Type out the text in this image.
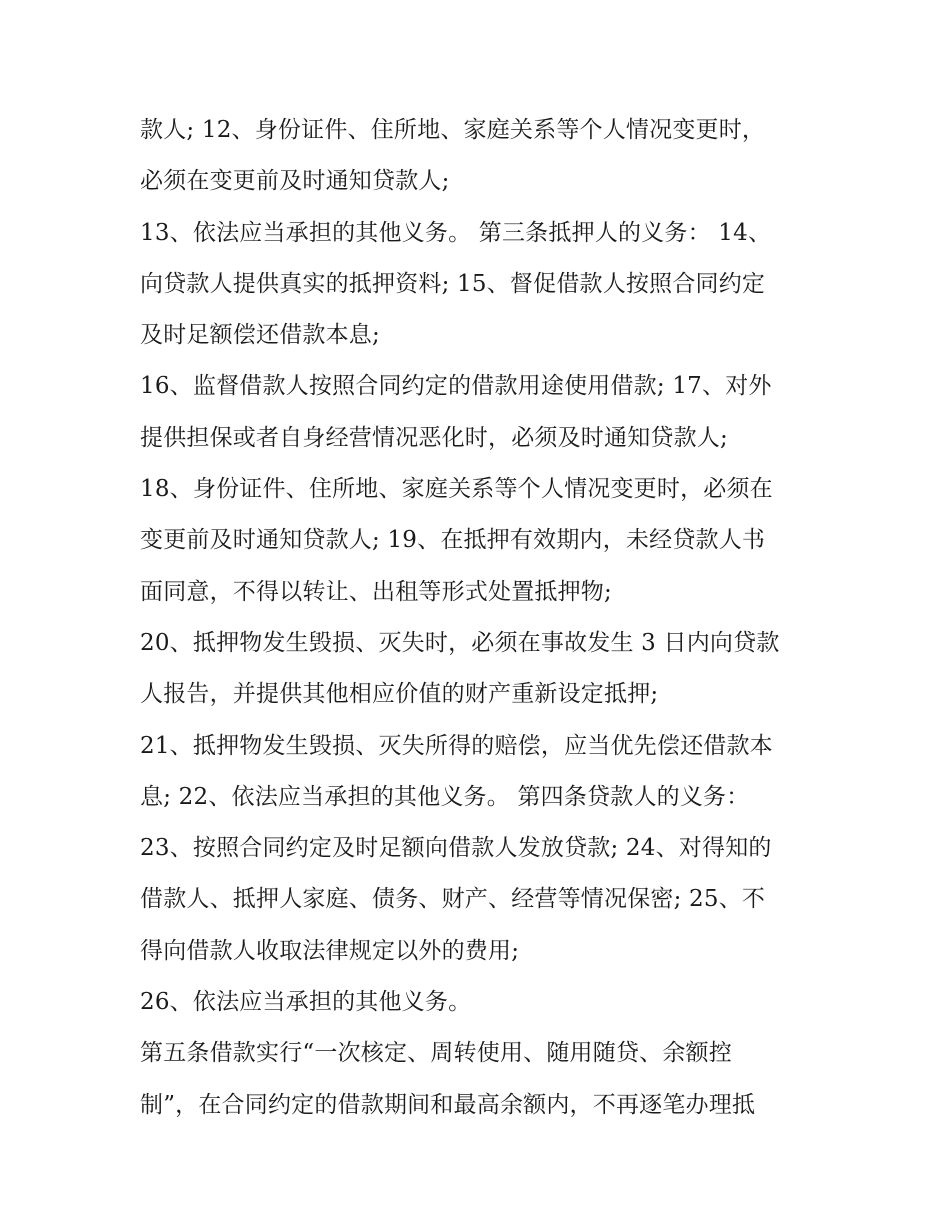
款人; 12、身份证件、住所地、家庭关系等个人情况变更时，
必须在变更前及时通知贷款人;
13、依法应当承担的其他义务。 第三条抵押人的义务： 14、
向贷款人提供真实的抵押资料; 15、督促借款人按照合同约定
及时足额偿还借款本息;
16、监督借款人按照合同约定的借款用途使用借款; 17、对外
提供担保或者自身经营情况恶化时，必须及时通知贷款人;
18、身份证件、住所地、家庭关系等个人情况变更时，必须在
变更前及时通知贷款人; 19、在抵押有效期内，未经贷款人书
面同意，不得以转让、出租等形式处置抵押物;
20、抵押物发生毁损、灭失时，必须在事故发生 3 日内向贷款
人报告，并提供其他相应价值的财产重新设定抵押;
21、抵押物发生毁损、灭失所得的赔偿，应当优先偿还借款本
息; 22、依法应当承担的其他义务。 第四条贷款人的义务：
23、按照合同约定及时足额向借款人发放贷款; 24、对得知的
借款人、抵押人家庭、债务、财产、经营等情况保密; 25、不
得向借款人收取法律规定以外的费用;
26、依法应当承担的其他义务。
第五条借款实行“一次核定、周转使用、随用随贷、余额控
制”，在合同约定的借款期间和最高余额内，不再逐笔办理抵
